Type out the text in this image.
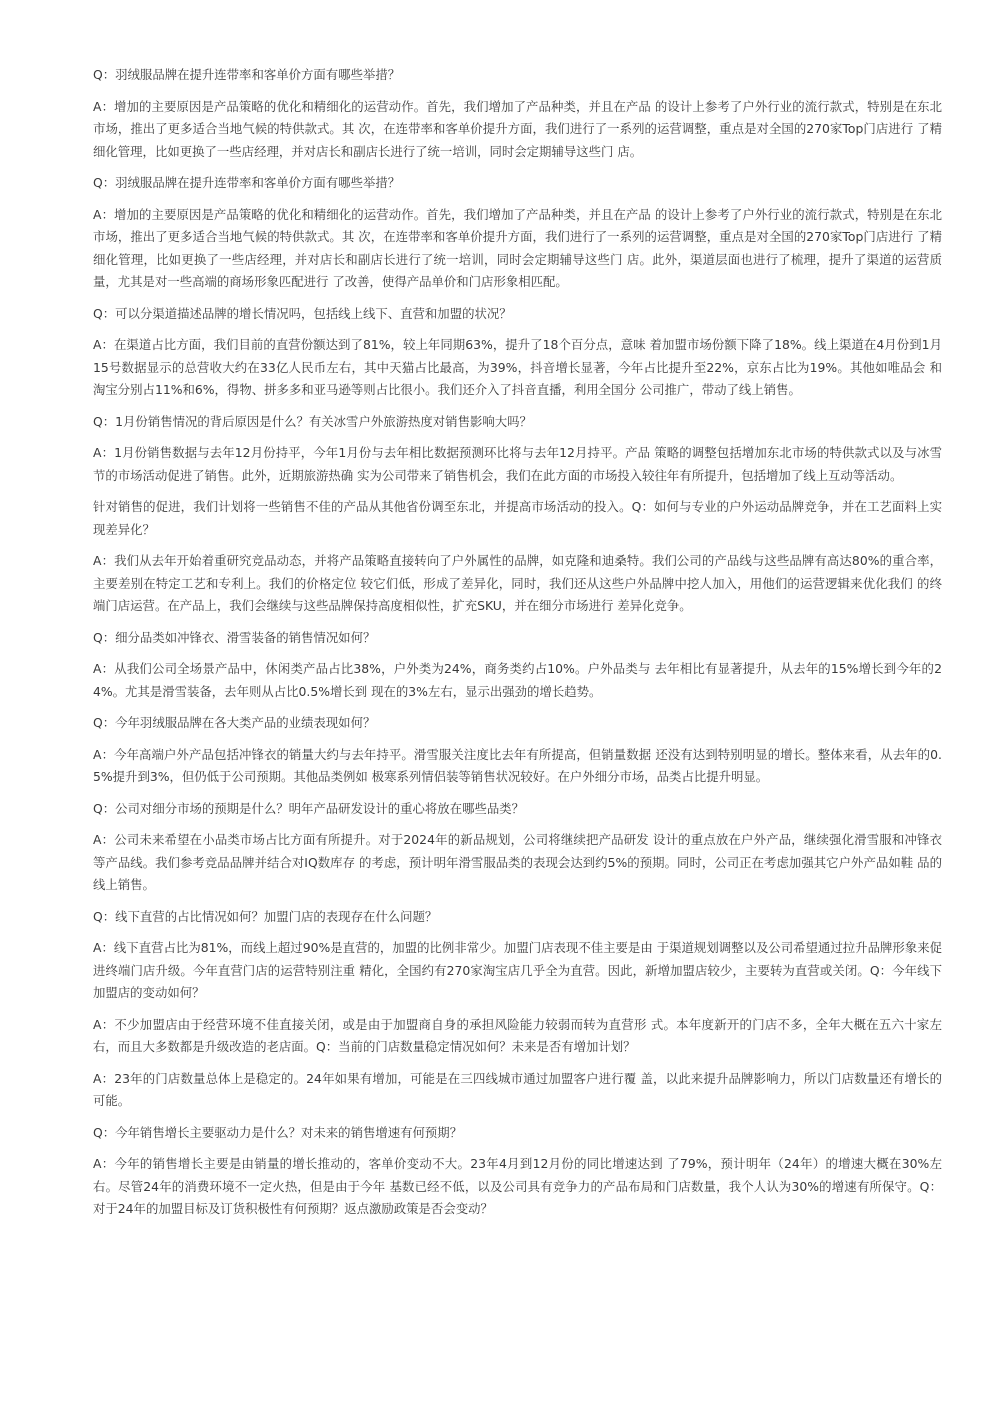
Q：羽绒服品牌在提升连带率和客单价方面有哪些举措？

A：增加的主要原因是产品策略的优化和精细化的运营动作。首先，我们增加了产品种类，并且在产品 的设计上参考了户外行业的流行款式，特别是在东北市场，推出了更多适合当地气候的特供款式。其 次，在连带率和客单价提升方面，我们进行了一系列的运营调整，重点是对全国的270家Top门店进行 了精细化管理，比如更换了一些店经理，并对店长和副店长进行了统一培训，同时会定期辅导这些门 店。

Q：羽绒服品牌在提升连带率和客单价方面有哪些举措？

A：增加的主要原因是产品策略的优化和精细化的运营动作。首先，我们增加了产品种类，并且在产品 的设计上参考了户外行业的流行款式，特别是在东北市场，推出了更多适合当地气候的特供款式。其 次，在连带率和客单价提升方面，我们进行了一系列的运营调整，重点是对全国的270家Top门店进行 了精细化管理，比如更换了一些店经理，并对店长和副店长进行了统一培训，同时会定期辅导这些门 店。此外，渠道层面也进行了梳理，提升了渠道的运营质量，尤其是对一些高端的商场形象匹配进行 了改善，使得产品单价和门店形象相匹配。

Q：可以分渠道描述品牌的增长情况吗，包括线上线下、直营和加盟的状况？

A：在渠道占比方面，我们目前的直营份额达到了81%，较上年同期63%，提升了18个百分点，意味 着加盟市场份额下降了18%。线上渠道在4月份到1月15号数据显示的总营收大约在33亿人民币左右，其中天猫占比最高，为39%，抖音增长显著，今年占比提升至22%，京东占比为19%。其他如唯品会 和淘宝分别占11%和6%，得物、拼多多和亚马逊等则占比很小。我们还介入了抖音直播，利用全国分 公司推广，带动了线上销售。

Q：1月份销售情况的背后原因是什么？有关冰雪户外旅游热度对销售影响大吗？

A：1月份销售数据与去年12月份持平，今年1月份与去年相比数据预测环比将与去年12月持平。产品 策略的调整包括增加东北市场的特供款式以及与冰雪节的市场活动促进了销售。此外，近期旅游热确 实为公司带来了销售机会，我们在此方面的市场投入较往年有所提升，包括增加了线上互动等活动。

针对销售的促进，我们计划将一些销售不佳的产品从其他省份调至东北，并提高市场活动的投入。Q：如何与专业的户外运动品牌竞争，并在工艺面料上实现差异化？

A：我们从去年开始着重研究竞品动态，并将产品策略直接转向了户外属性的品牌，如克隆和迪桑特。我们公司的产品线与这些品牌有高达80%的重合率，主要差别在特定工艺和专利上。我们的价格定位 较它们低，形成了差异化，同时，我们还从这些户外品牌中挖人加入，用他们的运营逻辑来优化我们 的终端门店运营。在产品上，我们会继续与这些品牌保持高度相似性，扩充SKU，并在细分市场进行 差异化竞争。

Q：细分品类如冲锋衣、滑雪装备的销售情况如何？

A：从我们公司全场景产品中，休闲类产品占比38%，户外类为24%，商务类约占10%。户外品类与 去年相比有显著提升，从去年的15%增长到今年的24%。尤其是滑雪装备，去年则从占比0.5%增长到 现在的3%左右，显示出强劲的增长趋势。

Q：今年羽绒服品牌在各大类产品的业绩表现如何？

A：今年高端户外产品包括冲锋衣的销量大约与去年持平。滑雪服关注度比去年有所提高，但销量数据 还没有达到特别明显的增长。整体来看，从去年的0.5%提升到3%，但仍低于公司预期。其他品类例如 极寒系列情侣装等销售状况较好。在户外细分市场，品类占比提升明显。

Q：公司对细分市场的预期是什么？明年产品研发设计的重心将放在哪些品类？

A：公司未来希望在小品类市场占比方面有所提升。对于2024年的新品规划，公司将继续把产品研发 设计的重点放在户外产品，继续强化滑雪服和冲锋衣等产品线。我们参考竞品品牌并结合对IQ数库存 的考虑，预计明年滑雪服品类的表现会达到约5%的预期。同时，公司正在考虑加强其它户外产品如鞋 品的线上销售。

Q：线下直营的占比情况如何？加盟门店的表现存在什么问题？

A：线下直营占比为81%，而线上超过90%是直营的，加盟的比例非常少。加盟门店表现不佳主要是由 于渠道规划调整以及公司希望通过拉升品牌形象来促进终端门店升级。今年直营门店的运营特别注重 精化，全国约有270家淘宝店几乎全为直营。因此，新增加盟店较少，主要转为直营或关闭。Q：今年线下加盟店的变动如何？

A：不少加盟店由于经营环境不佳直接关闭，或是由于加盟商自身的承担风险能力较弱而转为直营形 式。本年度新开的门店不多，全年大概在五六十家左右，而且大多数都是升级改造的老店面。Q：当前的门店数量稳定情况如何？未来是否有增加计划？

A：23年的门店数量总体上是稳定的。24年如果有增加，可能是在三四线城市通过加盟客户进行覆 盖，以此来提升品牌影响力，所以门店数量还有增长的可能。

Q：今年销售增长主要驱动力是什么？对未来的销售增速有何预期？

A：今年的销售增长主要是由销量的增长推动的，客单价变动不大。23年4月到12月份的同比增速达到 了79%，预计明年（24年）的增速大概在30%左右。尽管24年的消费环境不一定火热，但是由于今年 基数已经不低，以及公司具有竞争力的产品布局和门店数量，我个人认为30%的增速有所保守。Q：对于24年的加盟目标及订货积极性有何预期？返点激励政策是否会变动？
